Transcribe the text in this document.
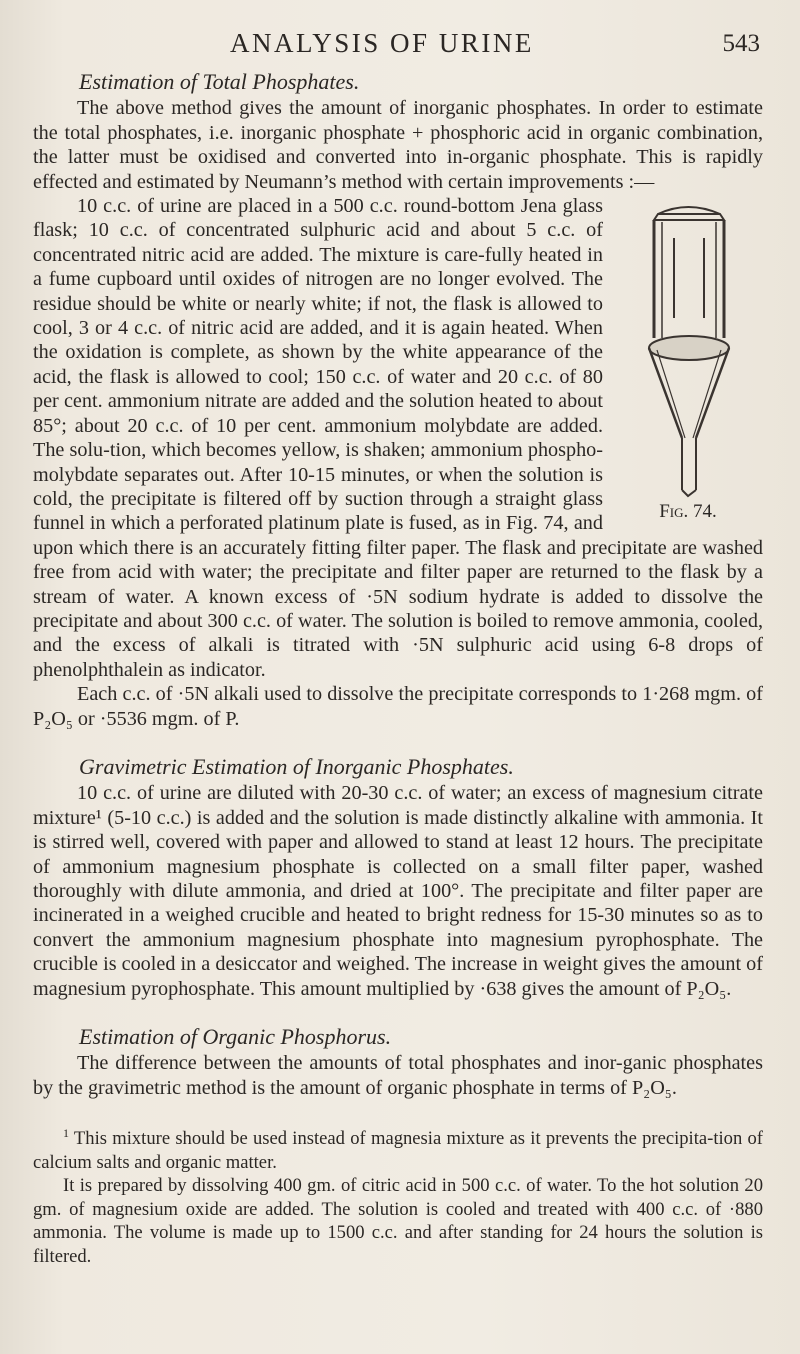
ANALYSIS OF URINE	543
Estimation of Total Phosphates.

The above method gives the amount of inorganic phosphates. In order to estimate the total phosphates, i.e. inorganic phosphate + phosphoric acid in organic combination, the latter must be oxidised and converted into in-organic phosphate. This is rapidly effected and estimated by Neumann’s method with certain improvements :—

Fig. 74.

10 c.c. of urine are placed in a 500 c.c. round-bottom Jena glass flask; 10 c.c. of concentrated sulphuric acid and about 5 c.c. of concentrated nitric acid are added. The mixture is care-fully heated in a fume cupboard until oxides of nitrogen are no longer evolved. The residue should be white or nearly white; if not, the flask is allowed to cool, 3 or 4 c.c. of nitric acid are added, and it is again heated. When the oxidation is complete, as shown by the white appearance of the acid, the flask is allowed to cool; 150 c.c. of water and 20 c.c. of 80 per cent. ammonium nitrate are added and the solution heated to about 85°; about 20 c.c. of 10 per cent. ammonium molybdate are added. The solu-tion, which becomes yellow, is shaken; ammonium phospho-molybdate separates out. After 10-15 minutes, or when the solution is cold, the precipitate is filtered off by suction through a straight glass funnel in which a perforated platinum plate is fused, as in Fig. 74, and upon which there is an accurately fitting filter paper. The flask and precipitate are washed free from acid with water; the precipitate and filter paper are returned to the flask by a stream of water. A known excess of ·5N sodium hydrate is added to dissolve the precipitate and about 300 c.c. of water. The solution is boiled to remove ammonia, cooled, and the excess of alkali is titrated with ·5N sulphuric acid using 6-8 drops of phenolphthalein as indicator.

Each c.c. of ·5N alkali used to dissolve the precipitate corresponds to 1·268 mgm. of P₂O₅ or ·5536 mgm. of P.

Gravimetric Estimation of Inorganic Phosphates.

10 c.c. of urine are diluted with 20-30 c.c. of water; an excess of magnesium citrate mixture¹ (5-10 c.c.) is added and the solution is made distinctly alkaline with ammonia. It is stirred well, covered with paper and allowed to stand at least 12 hours. The precipitate of ammonium magnesium phosphate is collected on a small filter paper, washed thoroughly with dilute ammonia, and dried at 100°. The precipitate and filter paper are incinerated in a weighed crucible and heated to bright redness for 15-30 minutes so as to convert the ammonium magnesium phosphate into magnesium pyrophosphate. The crucible is cooled in a desiccator and weighed. The increase in weight gives the amount of magnesium pyrophosphate. This amount multiplied by ·638 gives the amount of P₂O₅.

Estimation of Organic Phosphorus.

The difference between the amounts of total phosphates and inor-ganic phosphates by the gravimetric method is the amount of organic phosphate in terms of P₂O₅.

$^1$ This mixture should be used instead of magnesia mixture as it prevents the precipita-tion of calcium salts and organic matter.

It is prepared by dissolving 400 gm. of citric acid in 500 c.c. of water. To the hot solution 20 gm. of magnesium oxide are added. The solution is cooled and treated with 400 c.c. of ·880 ammonia. The volume is made up to 1500 c.c. and after standing for 24 hours the solution is filtered.
